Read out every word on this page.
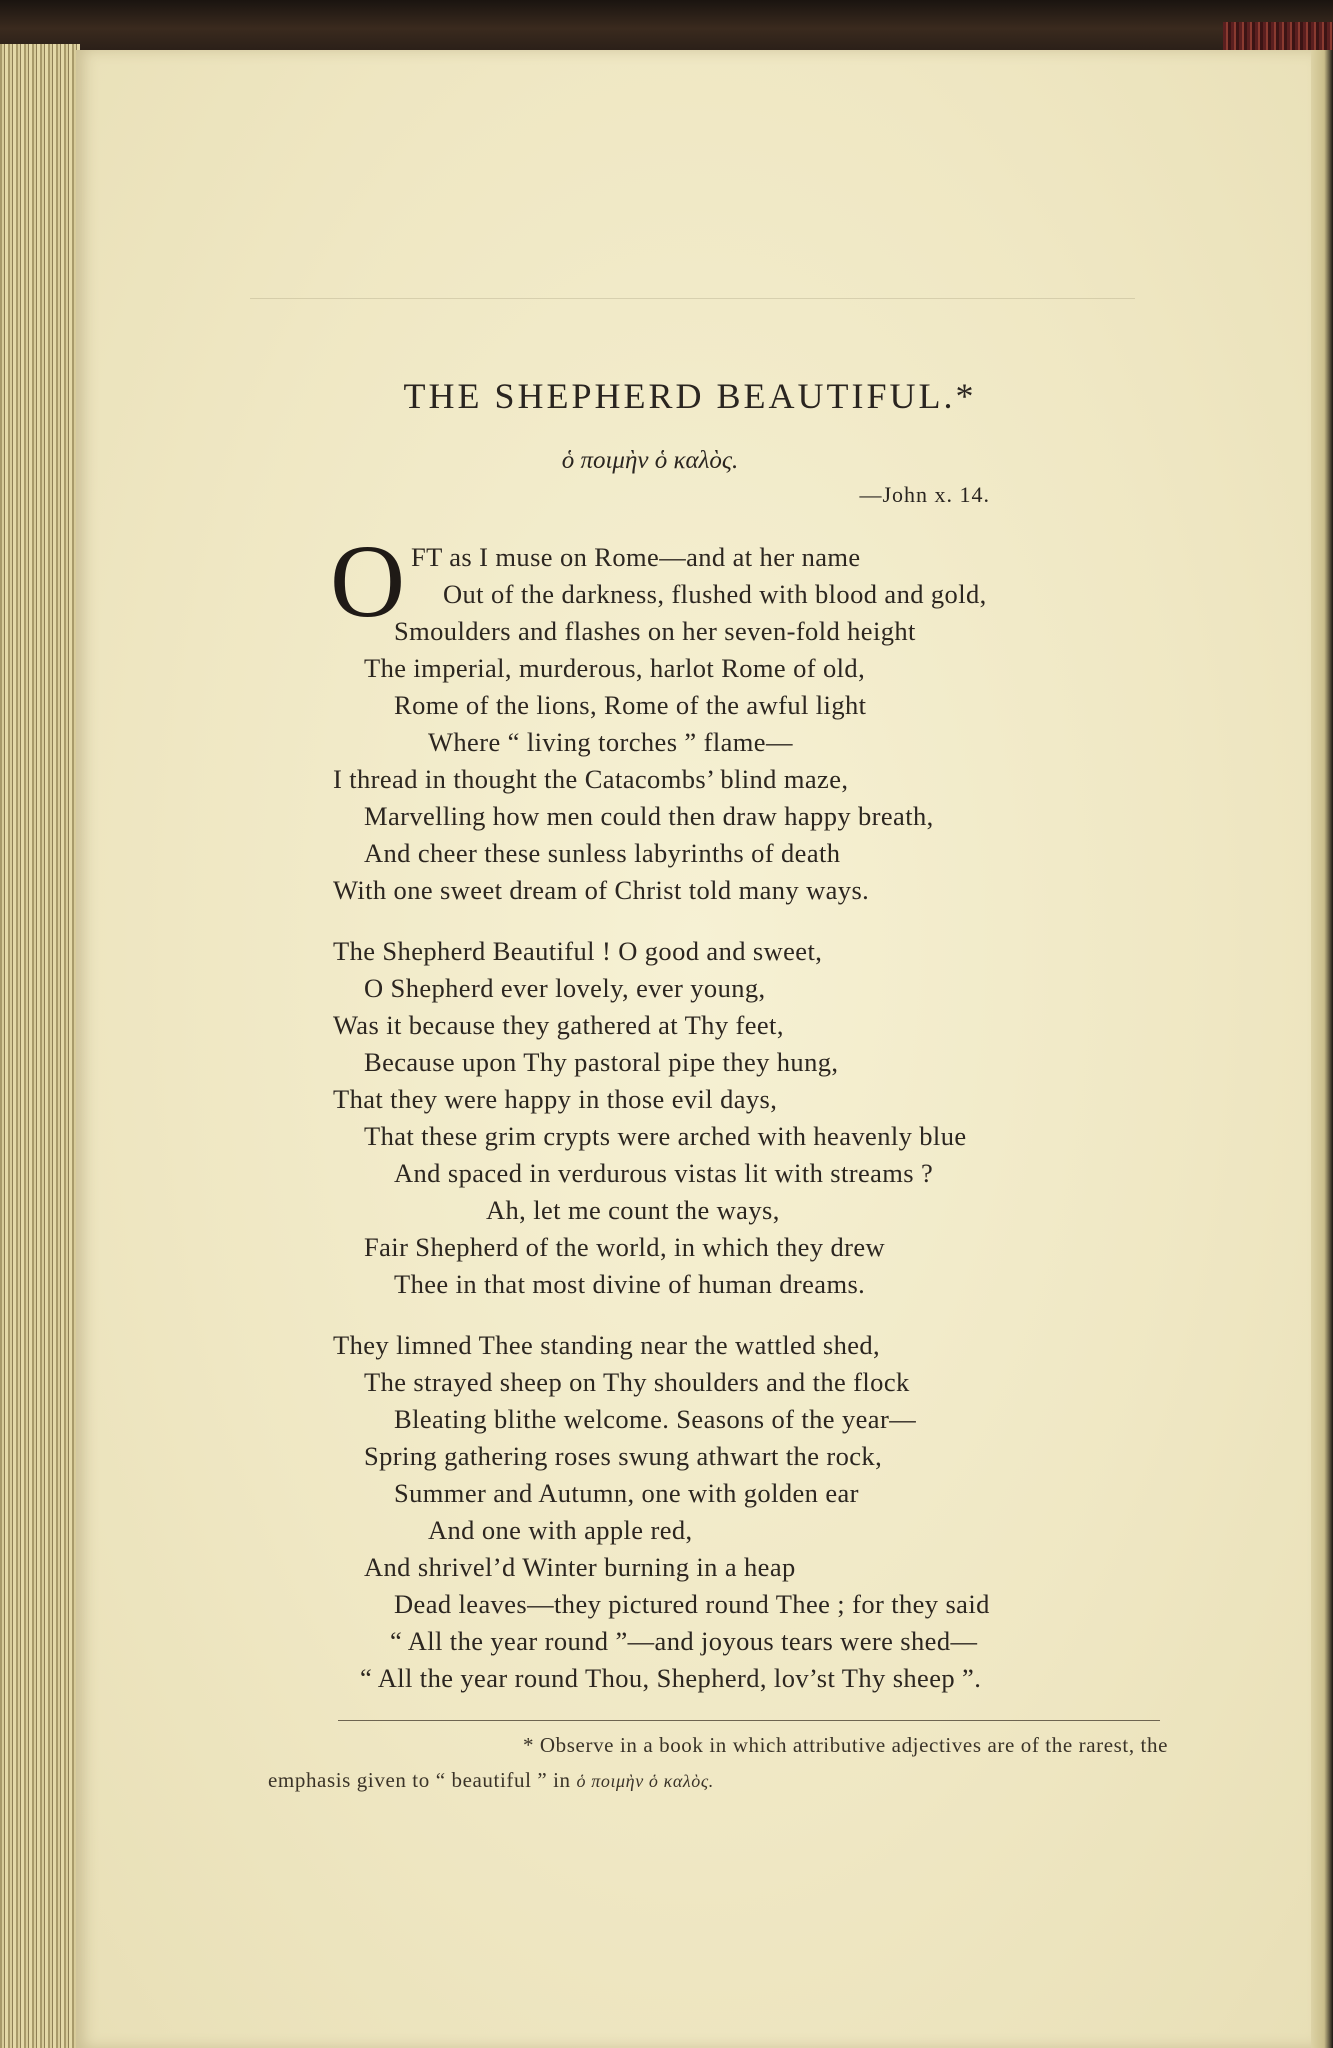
THE SHEPHERD BEAUTIFUL.*
ὁ ποιμὴν ὁ καλὸς.
—John x. 14.
O FT as I muse on Rome—and at her name
Out of the darkness, flushed with blood and gold,
Smoulders and flashes on her seven-fold height
The imperial, murderous, harlot Rome of old,
Rome of the lions, Rome of the awful light
Where “ living torches ” flame—
I thread in thought the Catacombs’ blind maze,
Marvelling how men could then draw happy breath,
And cheer these sunless labyrinths of death
With one sweet dream of Christ told many ways.
The Shepherd Beautiful ! O good and sweet,
O Shepherd ever lovely, ever young,
Was it because they gathered at Thy feet,
Because upon Thy pastoral pipe they hung,
That they were happy in those evil days,
That these grim crypts were arched with heavenly blue
And spaced in verdurous vistas lit with streams ?
Ah, let me count the ways,
Fair Shepherd of the world, in which they drew
Thee in that most divine of human dreams.
They limned Thee standing near the wattled shed,
The strayed sheep on Thy shoulders and the flock
Bleating blithe welcome. Seasons of the year—
Spring gathering roses swung athwart the rock,
Summer and Autumn, one with golden ear
And one with apple red,
And shrivel’d Winter burning in a heap
Dead leaves—they pictured round Thee ; for they said
“ All the year round ”—and joyous tears were shed—
“ All the year round Thou, Shepherd, lov’st Thy sheep ”.
* Observe in a book in which attributive adjectives are of the rarest, the
emphasis given to “ beautiful ” in ὁ ποιμὴν ὁ καλὸς.
